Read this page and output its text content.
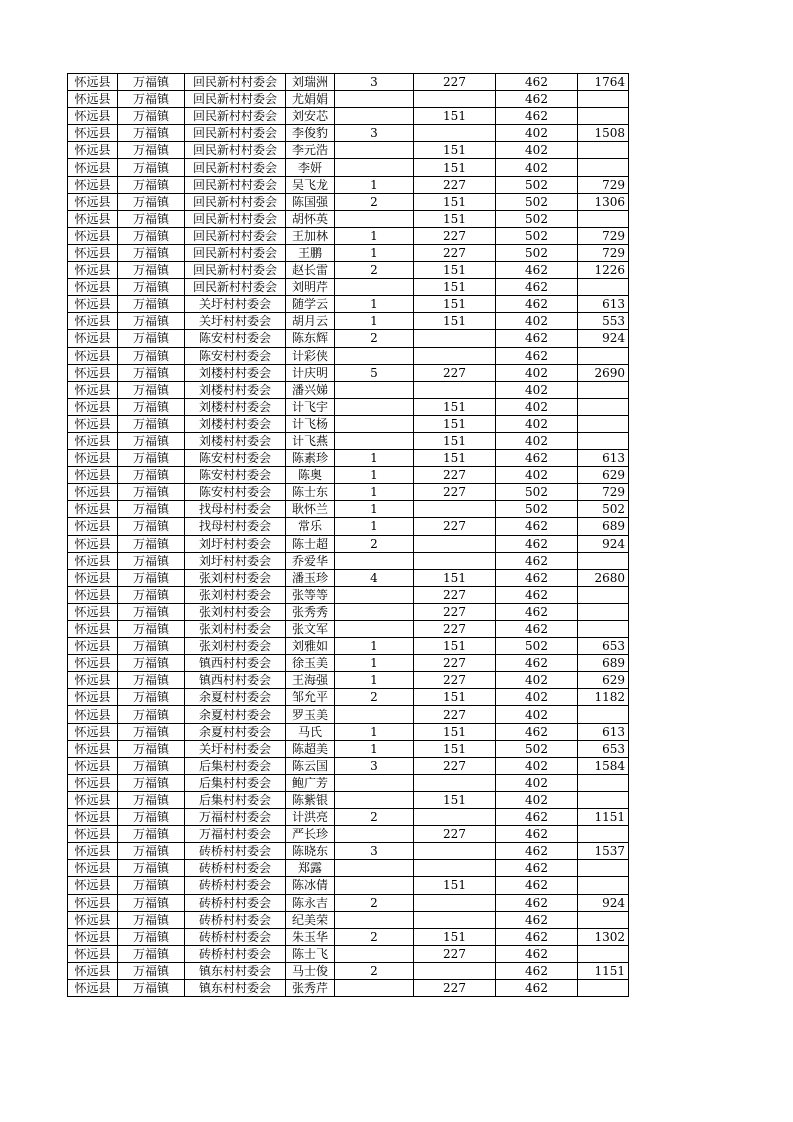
怀远县	万福镇	回民新村村委会	刘瑞洲	3	227	462	1764
怀远县	万福镇	回民新村村委会	尤娟娟			462	
怀远县	万福镇	回民新村村委会	刘安芯		151	462	
怀远县	万福镇	回民新村村委会	李俊豹	3		402	1508
怀远县	万福镇	回民新村村委会	李元浩		151	402	
怀远县	万福镇	回民新村村委会	李妍		151	402	
怀远县	万福镇	回民新村村委会	吴飞龙	1	227	502	729
怀远县	万福镇	回民新村村委会	陈国强	2	151	502	1306
怀远县	万福镇	回民新村村委会	胡怀英		151	502	
怀远县	万福镇	回民新村村委会	王加林	1	227	502	729
怀远县	万福镇	回民新村村委会	王鹏	1	227	502	729
怀远县	万福镇	回民新村村委会	赵长雷	2	151	462	1226
怀远县	万福镇	回民新村村委会	刘明芹		151	462	
怀远县	万福镇	关圩村村委会	随学云	1	151	462	613
怀远县	万福镇	关圩村村委会	胡月云	1	151	402	553
怀远县	万福镇	陈安村村委会	陈东辉	2		462	924
怀远县	万福镇	陈安村村委会	计彩侠			462	
怀远县	万福镇	刘楼村村委会	计庆明	5	227	402	2690
怀远县	万福镇	刘楼村村委会	潘兴娣			402	
怀远县	万福镇	刘楼村村委会	计飞宇		151	402	
怀远县	万福镇	刘楼村村委会	计飞杨		151	402	
怀远县	万福镇	刘楼村村委会	计飞燕		151	402	
怀远县	万福镇	陈安村村委会	陈素珍	1	151	462	613
怀远县	万福镇	陈安村村委会	陈奥	1	227	402	629
怀远县	万福镇	陈安村村委会	陈士东	1	227	502	729
怀远县	万福镇	找母村村委会	耿怀兰	1		502	502
怀远县	万福镇	找母村村委会	常乐	1	227	462	689
怀远县	万福镇	刘圩村村委会	陈士超	2		462	924
怀远县	万福镇	刘圩村村委会	乔爱华			462	
怀远县	万福镇	张刘村村委会	潘玉珍	4	151	462	2680
怀远县	万福镇	张刘村村委会	张等等		227	462	
怀远县	万福镇	张刘村村委会	张秀秀		227	462	
怀远县	万福镇	张刘村村委会	张文军		227	462	
怀远县	万福镇	张刘村村委会	刘雅如	1	151	502	653
怀远县	万福镇	镇西村村委会	徐玉美	1	227	462	689
怀远县	万福镇	镇西村村委会	王海强	1	227	402	629
怀远县	万福镇	余夏村村委会	邹允平	2	151	402	1182
怀远县	万福镇	余夏村村委会	罗玉美		227	402	
怀远县	万福镇	余夏村村委会	马氏	1	151	462	613
怀远县	万福镇	关圩村村委会	陈超美	1	151	502	653
怀远县	万福镇	后集村村委会	陈云国	3	227	402	1584
怀远县	万福镇	后集村村委会	鲍广芳			402	
怀远县	万福镇	后集村村委会	陈紫银		151	402	
怀远县	万福镇	万福村村委会	计洪亮	2		462	1151
怀远县	万福镇	万福村村委会	严长珍		227	462	
怀远县	万福镇	砖桥村村委会	陈晓东	3		462	1537
怀远县	万福镇	砖桥村村委会	郑露			462	
怀远县	万福镇	砖桥村村委会	陈冰倩		151	462	
怀远县	万福镇	砖桥村村委会	陈永吉	2		462	924
怀远县	万福镇	砖桥村村委会	纪美荣			462	
怀远县	万福镇	砖桥村村委会	朱玉华	2	151	462	1302
怀远县	万福镇	砖桥村村委会	陈士飞		227	462	
怀远县	万福镇	镇东村村委会	马士俊	2		462	1151
怀远县	万福镇	镇东村村委会	张秀芹		227	462	
